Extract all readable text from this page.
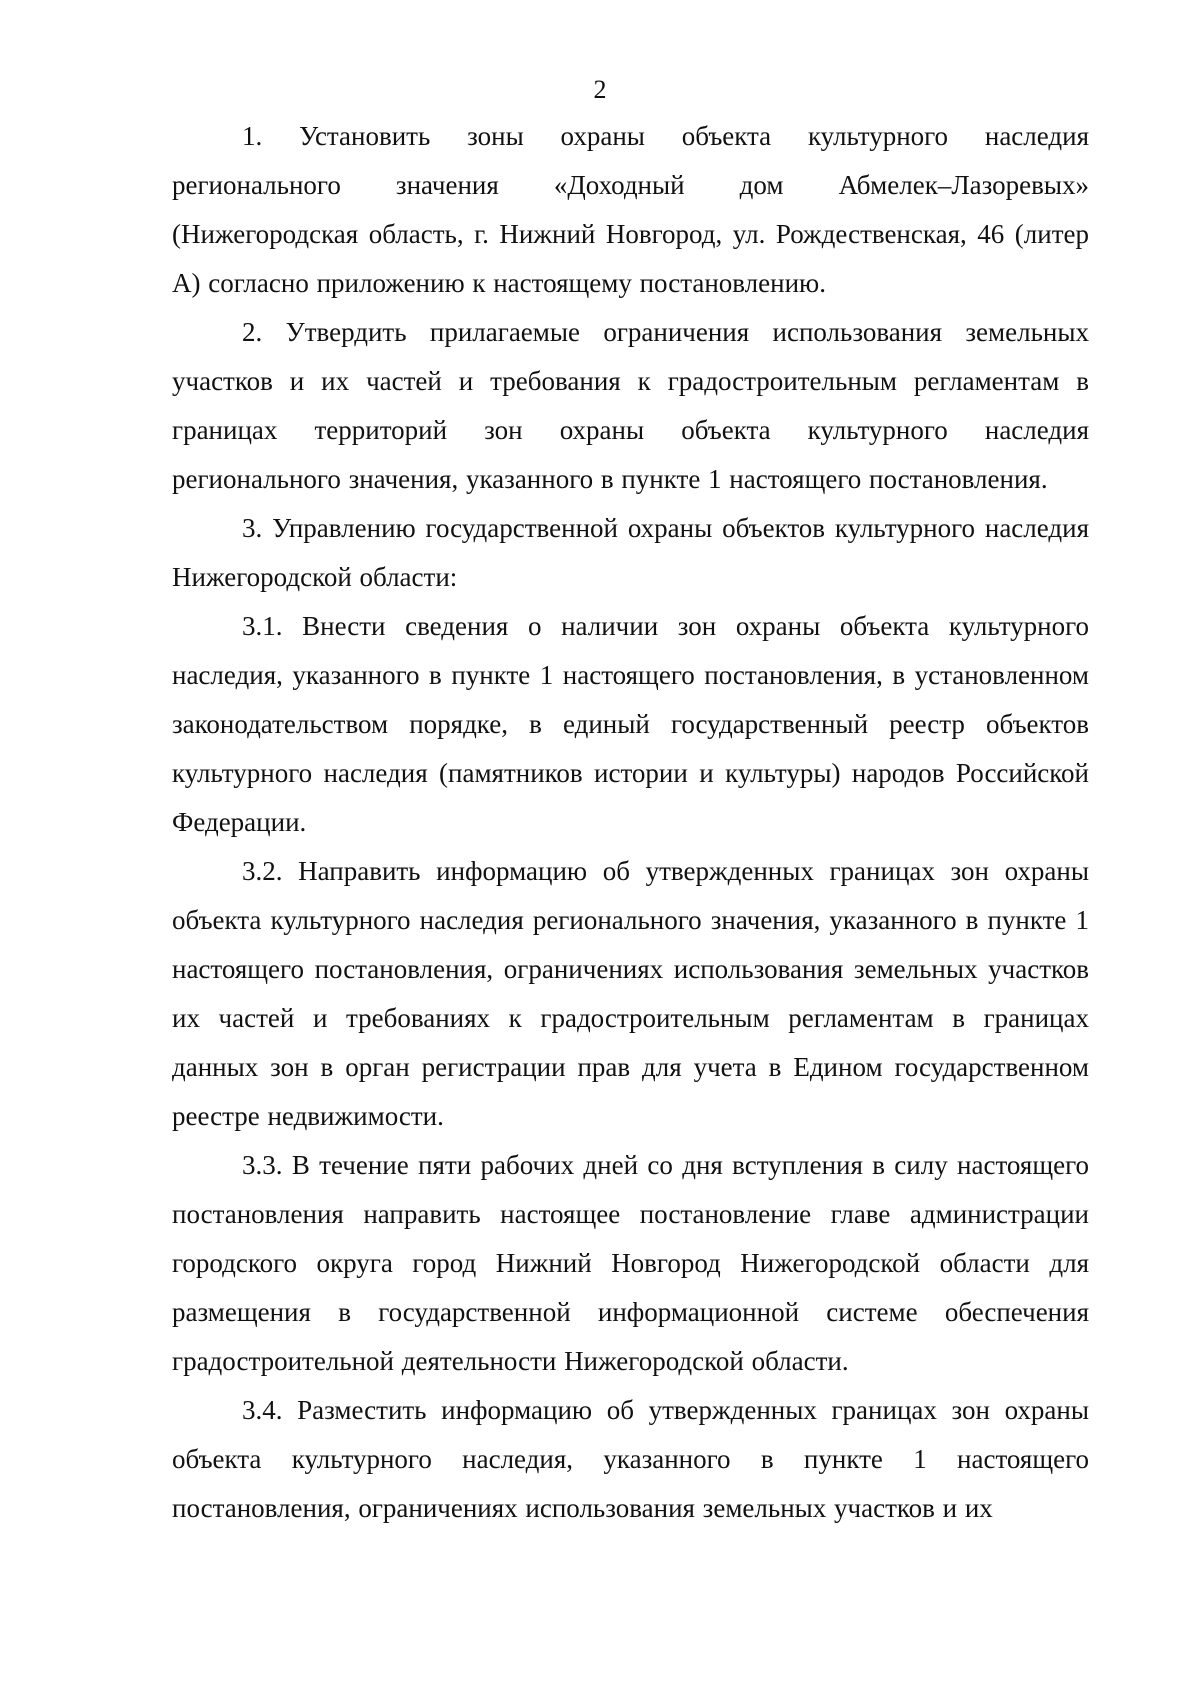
2

1. Установить зоны охраны объекта культурного наследия регионального значения «Доходный дом Абмелек–Лазоревых» (Нижегородская область, г. Нижний Новгород, ул. Рождественская, 46 (литер А) согласно приложению к настоящему постановлению.

2. Утвердить прилагаемые ограничения использования земельных участков и их частей и требования к градостроительным регламентам в границах территорий зон охраны объекта культурного наследия регионального значения, указанного в пункте 1 настоящего постановления.

3. Управлению государственной охраны объектов культурного наследия Нижегородской области:

3.1. Внести сведения о наличии зон охраны объекта культурного наследия, указанного в пункте 1 настоящего постановления, в установленном законодательством порядке, в единый государственный реестр объектов культурного наследия (памятников истории и культуры) народов Российской Федерации.

3.2. Направить информацию об утвержденных границах зон охраны объекта культурного наследия регионального значения, указанного в пункте 1 настоящего постановления, ограничениях использования земельных участков их частей и требованиях к градостроительным регламентам в границах данных зон в орган регистрации прав для учета в Едином государственном реестре недвижимости.

3.3. В течение пяти рабочих дней со дня вступления в силу настоящего постановления направить настоящее постановление главе администрации городского округа город Нижний Новгород Нижегородской области для размещения в государственной информационной системе обеспечения градостроительной деятельности Нижегородской области.

3.4. Разместить информацию об утвержденных границах зон охраны объекта культурного наследия, указанного в пункте 1 настоящего постановления, ограничениях использования земельных участков и их
